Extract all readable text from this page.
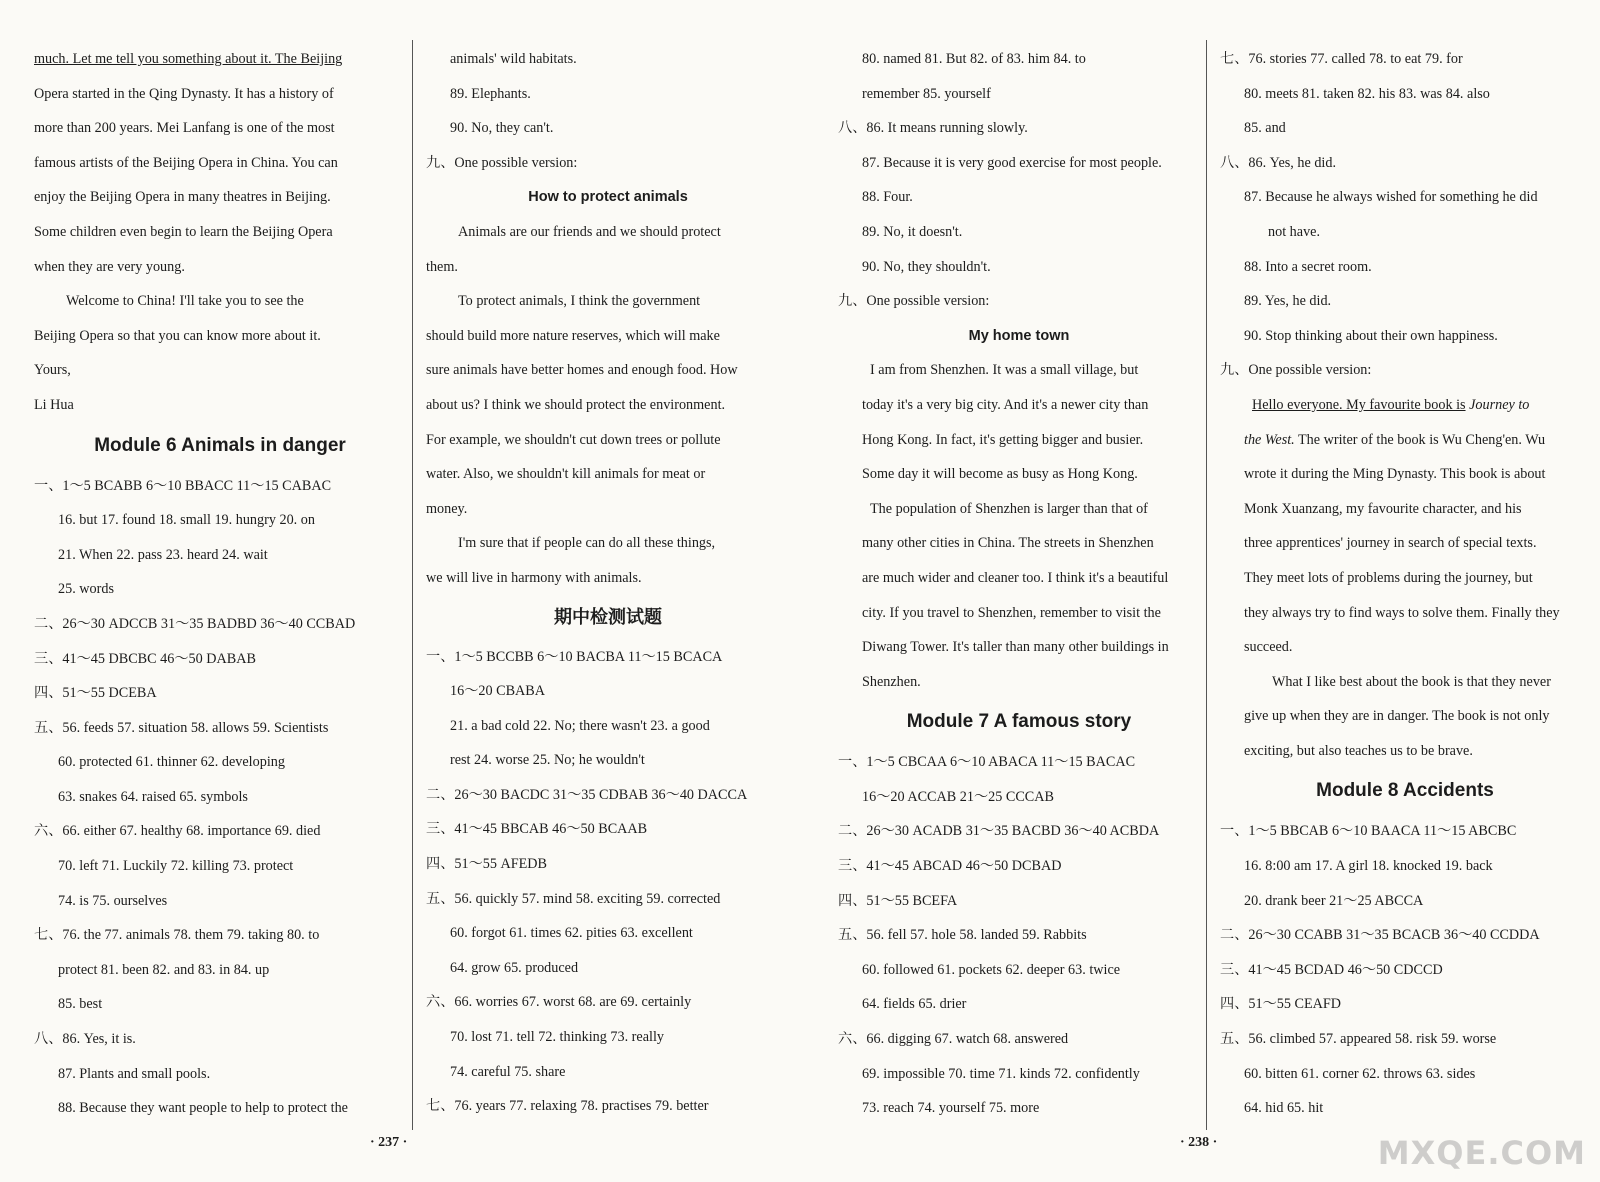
much. Let me tell you something about it. The Beijing
Opera started in the Qing Dynasty. It has a history of
more than 200 years. Mei Lanfang is one of the most
famous artists of the Beijing Opera in China. You can
enjoy the Beijing Opera in many theatres in Beijing.
Some children even begin to learn the Beijing Opera
when they are very young.
Welcome to China! I'll take you to see the
Beijing Opera so that you can know more about it.
Yours,
Li Hua
Module 6 Animals in danger
一、1～5 BCABB 6～10 BBACC 11～15 CABAC
16. but 17. found 18. small 19. hungry 20. on
21. When 22. pass 23. heard 24. wait
25. words
二、26～30 ADCCB 31～35 BADBD 36～40 CCBAD
三、41～45 DBCBC 46～50 DABAB
四、51～55 DCEBA
五、56. feeds 57. situation 58. allows 59. Scientists
60. protected 61. thinner 62. developing
63. snakes 64. raised 65. symbols
六、66. either 67. healthy 68. importance 69. died
70. left 71. Luckily 72. killing 73. protect
74. is 75. ourselves
七、76. the 77. animals 78. them 79. taking 80. to
protect 81. been 82. and 83. in 84. up
85. best
八、86. Yes, it is.
87. Plants and small pools.
88. Because they want people to help to protect the
animals' wild habitats.
89. Elephants.
90. No, they can't.
九、One possible version:
How to protect animals
Animals are our friends and we should protect
them.
To protect animals, I think the government
should build more nature reserves, which will make
sure animals have better homes and enough food. How
about us? I think we should protect the environment.
For example, we shouldn't cut down trees or pollute
water. Also, we shouldn't kill animals for meat or
money.
I'm sure that if people can do all these things,
we will live in harmony with animals.
期中检测试题
一、1～5 BCCBB 6～10 BACBA 11～15 BCACA
16～20 CBABA
21. a bad cold 22. No; there wasn't 23. a good
rest 24. worse 25. No; he wouldn't
二、26～30 BACDC 31～35 CDBAB 36～40 DACCA
三、41～45 BBCAB 46～50 BCAAB
四、51～55 AFEDB
五、56. quickly 57. mind 58. exciting 59. corrected
60. forgot 61. times 62. pities 63. excellent
64. grow 65. produced
六、66. worries 67. worst 68. are 69. certainly
70. lost 71. tell 72. thinking 73. really
74. careful 75. share
七、76. years 77. relaxing 78. practises 79. better
· 237 ·
80. named 81. But 82. of 83. him 84. to
remember 85. yourself
八、86. It means running slowly.
87. Because it is very good exercise for most people.
88. Four.
89. No, it doesn't.
90. No, they shouldn't.
九、One possible version:
My home town
I am from Shenzhen. It was a small village, but
today it's a very big city. And it's a newer city than
Hong Kong. In fact, it's getting bigger and busier.
Some day it will become as busy as Hong Kong.
The population of Shenzhen is larger than that of
many other cities in China. The streets in Shenzhen
are much wider and cleaner too. I think it's a beautiful
city. If you travel to Shenzhen, remember to visit the
Diwang Tower. It's taller than many other buildings in
Shenzhen.
Module 7 A famous story
一、1～5 CBCAA 6～10 ABACA 11～15 BACAC
16～20 ACCAB 21～25 CCCAB
二、26～30 ACADB 31～35 BACBD 36～40 ACBDA
三、41～45 ABCAD 46～50 DCBAD
四、51～55 BCEFA
五、56. fell 57. hole 58. landed 59. Rabbits
60. followed 61. pockets 62. deeper 63. twice
64. fields 65. drier
六、66. digging 67. watch 68. answered
69. impossible 70. time 71. kinds 72. confidently
73. reach 74. yourself 75. more
七、76. stories 77. called 78. to eat 79. for
80. meets 81. taken 82. his 83. was 84. also
85. and
八、86. Yes, he did.
87. Because he always wished for something he did
not have.
88. Into a secret room.
89. Yes, he did.
90. Stop thinking about their own happiness.
九、One possible version:
Hello everyone. My favourite book is Journey to
the West. The writer of the book is Wu Cheng'en. Wu
wrote it during the Ming Dynasty. This book is about
Monk Xuanzang, my favourite character, and his
three apprentices' journey in search of special texts.
They meet lots of problems during the journey, but
they always try to find ways to solve them. Finally they
succeed.
What I like best about the book is that they never
give up when they are in danger. The book is not only
exciting, but also teaches us to be brave.
Module 8 Accidents
一、1～5 BBCAB 6～10 BAACA 11～15 ABCBC
16. 8:00 am 17. A girl 18. knocked 19. back
20. drank beer 21～25 ABCCA
二、26～30 CCABB 31～35 BCACB 36～40 CCDDA
三、41～45 BCDAD 46～50 CDCCD
四、51～55 CEAFD
五、56. climbed 57. appeared 58. risk 59. worse
60. bitten 61. corner 62. throws 63. sides
64. hid 65. hit
· 238 ·	MXQE.COM
